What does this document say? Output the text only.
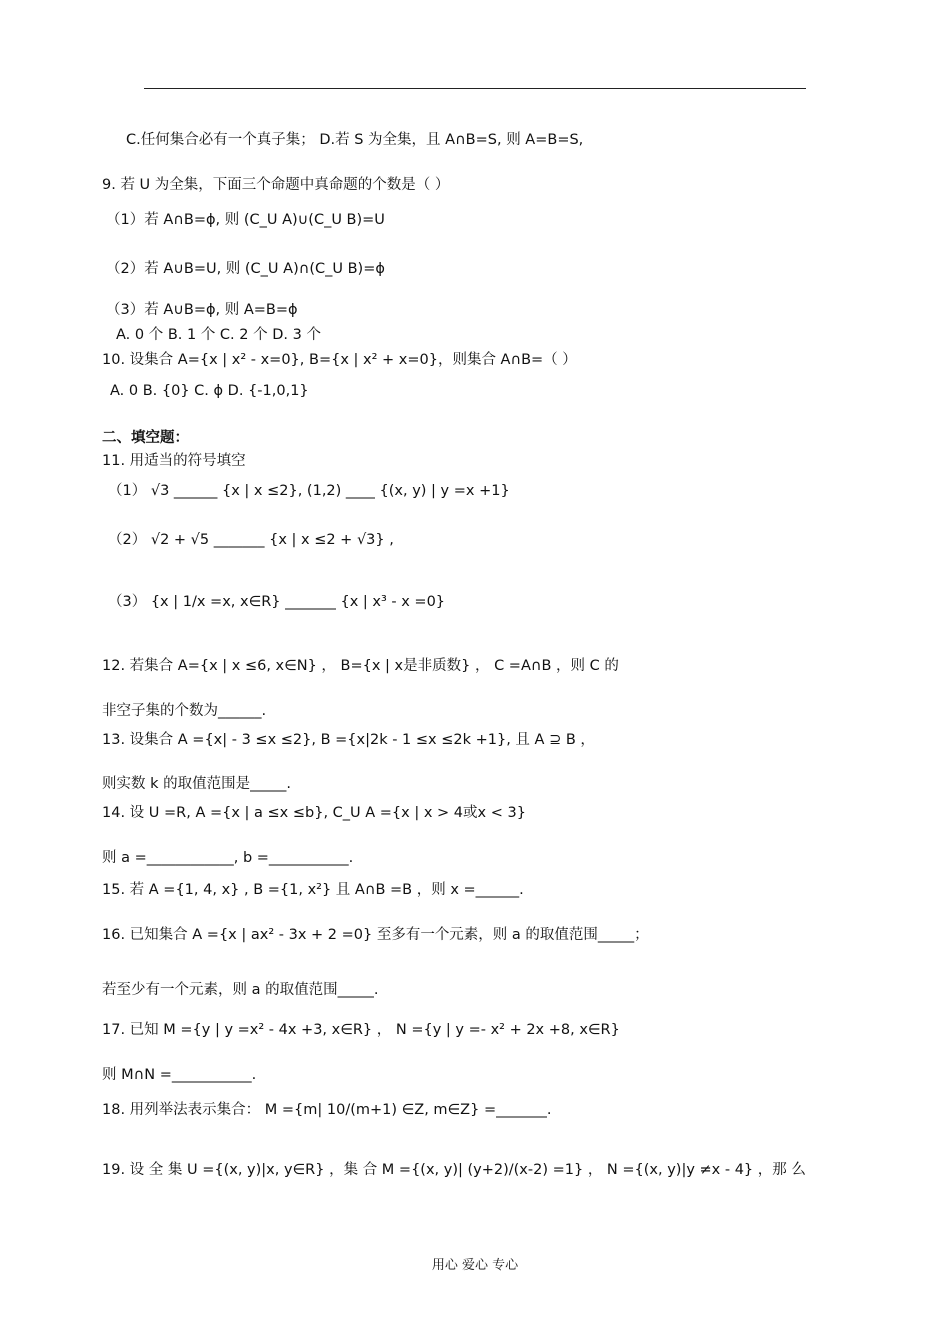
C.任何集合必有一个真子集； D.若 S 为全集，且 A∩B=S, 则 A=B=S,
9. 若 U 为全集，下面三个命题中真命题的个数是（ ）
（1）若 A∩B=ϕ, 则 (C_U A)∪(C_U B)=U
（2）若 A∪B=U, 则 (C_U A)∩(C_U B)=ϕ
（3）若 A∪B=ϕ, 则 A=B=ϕ
A. 0 个 B. 1 个 C. 2 个 D. 3 个
10. 设集合 A={x | x² - x=0}, B={x | x² + x=0}，则集合 A∩B=（ ）
A. 0 B. {0} C. ϕ D. {-1,0,1}
二、填空题：
11. 用适当的符号填空
（1） √3 ______ {x | x ≤2}, (1,2) ____ {(x, y) | y =x +1}
（2） √2 + √5 _______ {x | x ≤2 + √3} ,
（3） {x | 1/x =x, x∈R} _______ {x | x³ - x =0}
12. 若集合 A={x | x ≤6, x∈N} ， B={x | x是非质数} ， C =A∩B ，则 C 的
非空子集的个数为______.
13. 设集合 A ={x| - 3 ≤x ≤2}, B ={x|2k - 1 ≤x ≤2k +1}, 且 A ⊇ B ，
则实数 k 的取值范围是_____.
14. 设 U =R, A ={x | a ≤x ≤b}, C_U A ={x | x > 4或x < 3}
则 a =____________, b =___________.
15. 若 A ={1, 4, x} , B ={1, x²} 且 A∩B =B ，则 x =______.
16. 已知集合 A ={x | ax² - 3x + 2 =0} 至多有一个元素，则 a 的取值范围_____；
若至少有一个元素，则 a 的取值范围_____.
17. 已知 M ={y | y =x² - 4x +3, x∈R} ， N ={y | y =- x² + 2x +8, x∈R}
则 M∩N =___________.
18. 用列举法表示集合： M ={m| 10/(m+1) ∈Z, m∈Z} =_______.
19. 设 全 集 U ={(x, y)|x, y∈R} ，集 合 M ={(x, y)| (y+2)/(x-2) =1} ， N ={(x, y)|y ≠x - 4} ，那 么
用心 爱心 专心
